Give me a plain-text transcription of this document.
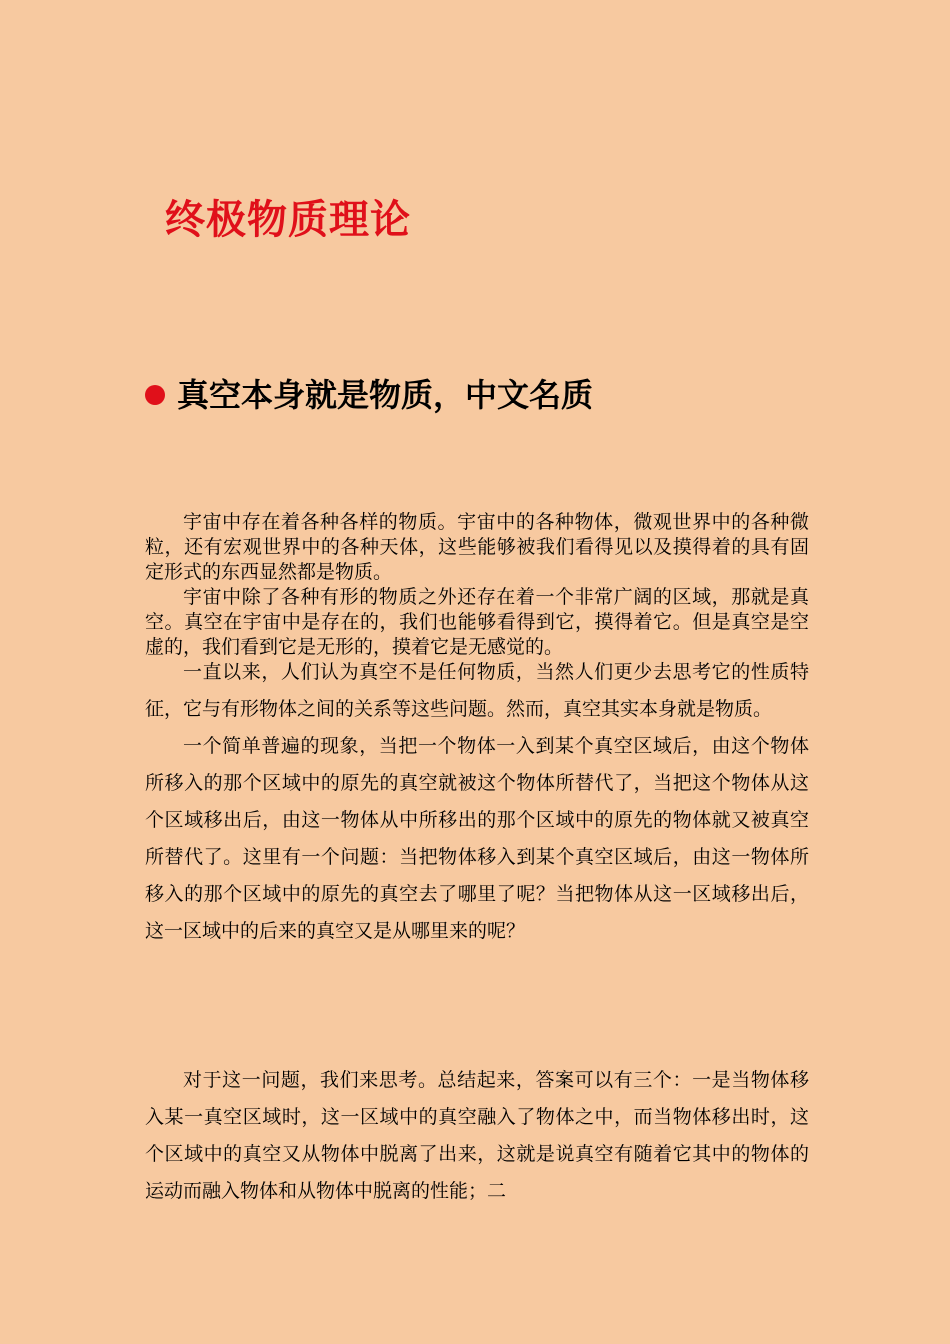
终极物质理论
真空本身就是物质，中文名质

宇宙中存在着各种各样的物质。宇宙中的各种物体，微观世界中的各种微粒，还有宏观世界中的各种天体，这些能够被我们看得见以及摸得着的具有固定形式的东西显然都是物质。

宇宙中除了各种有形的物质之外还存在着一个非常广阔的区域，那就是真空。真空在宇宙中是存在的，我们也能够看得到它，摸得着它。但是真空是空虚的，我们看到它是无形的，摸着它是无感觉的。

一直以来，人们认为真空不是任何物质，当然人们更少去思考它的性质特征，它与有形物体之间的关系等这些问题。然而，真空其实本身就是物质。

一个简单普遍的现象，当把一个物体一入到某个真空区域后，由这个物体所移入的那个区域中的原先的真空就被这个物体所替代了，当把这个物体从这个区域移出后，由这一物体从中所移出的那个区域中的原先的物体就又被真空所替代了。这里有一个问题：当把物体移入到某个真空区域后，由这一物体所移入的那个区域中的原先的真空去了哪里了呢？当把物体从这一区域移出后，这一区域中的后来的真空又是从哪里来的呢？

对于这一问题，我们来思考。总结起来，答案可以有三个：一是当物体移入某一真空区域时，这一区域中的真空融入了物体之中，而当物体移出时，这个区域中的真空又从物体中脱离了出来，这就是说真空有随着它其中的物体的运动而融入物体和从物体中脱离的性能；二
